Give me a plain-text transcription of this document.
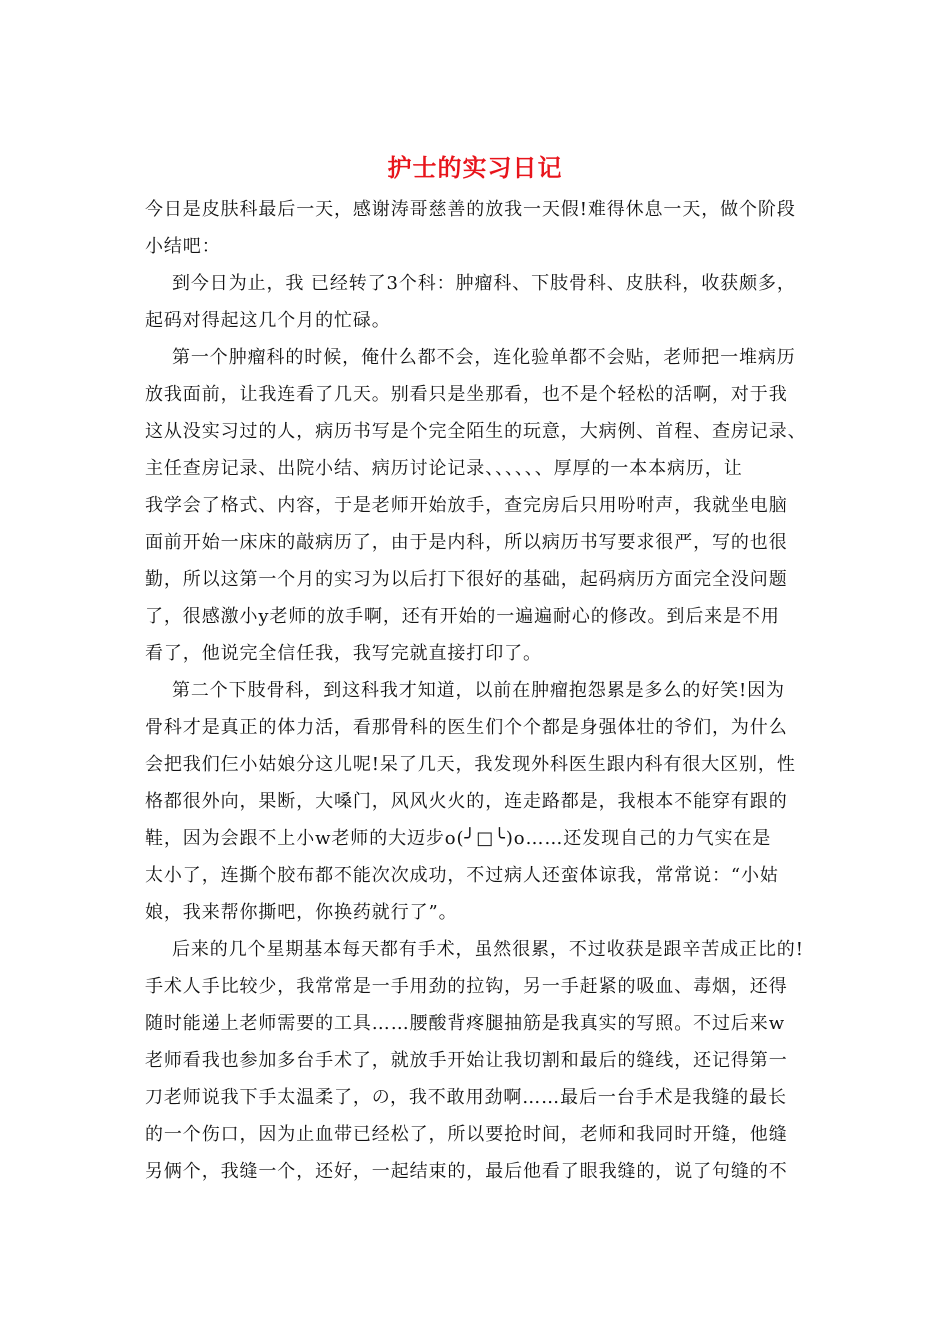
护士的实习日记
今日是皮肤科最后一天，感谢涛哥慈善的放我一天假!难得休息一天，做个阶段
小结吧：
到今日为止，我 已经转了3个科：肿瘤科、下肢骨科、皮肤科，收获颇多，
起码对得起这几个月的忙碌。
第一个肿瘤科的时候，俺什么都不会，连化验单都不会贴，老师把一堆病历
放我面前，让我连看了几天。别看只是坐那看，也不是个轻松的活啊，对于我
这从没实习过的人，病历书写是个完全陌生的玩意，大病例、首程、查房记录、
主任查房记录、出院小结、病历讨论记录、、、、、、厚厚的一本本病历，让
我学会了格式、内容，于是老师开始放手，查完房后只用吩咐声，我就坐电脑
面前开始一床床的敲病历了，由于是内科，所以病历书写要求很严，写的也很
勤，所以这第一个月的实习为以后打下很好的基础，起码病历方面完全没问题
了，很感激小y老师的放手啊，还有开始的一遍遍耐心的修改。到后来是不用
看了，他说完全信任我，我写完就直接打印了。
第二个下肢骨科，到这科我才知道，以前在肿瘤抱怨累是多么的好笑!因为
骨科才是真正的体力活，看那骨科的医生们个个都是身强体壮的爷们，为什么
会把我们仨小姑娘分这儿呢!呆了几天，我发现外科医生跟内科有很大区别，性
格都很外向，果断，大嗓门，风风火火的，连走路都是，我根本不能穿有跟的
鞋，因为会跟不上小w老师的大迈步o(╯□╰)o……还发现自己的力气实在是
太小了，连撕个胶布都不能次次成功，不过病人还蛮体谅我，常常说：“小姑
娘，我来帮你撕吧，你换药就行了”。
后来的几个星期基本每天都有手术，虽然很累，不过收获是跟辛苦成正比的!
手术人手比较少，我常常是一手用劲的拉钩，另一手赶紧的吸血、毒烟，还得
随时能递上老师需要的工具……腰酸背疼腿抽筋是我真实的写照。不过后来w
老师看我也参加多台手术了，就放手开始让我切割和最后的缝线，还记得第一
刀老师说我下手太温柔了，の，我不敢用劲啊……最后一台手术是我缝的最长
的一个伤口，因为止血带已经松了，所以要抢时间，老师和我同时开缝，他缝
另俩个，我缝一个，还好，一起结束的，最后他看了眼我缝的，说了句缝的不
